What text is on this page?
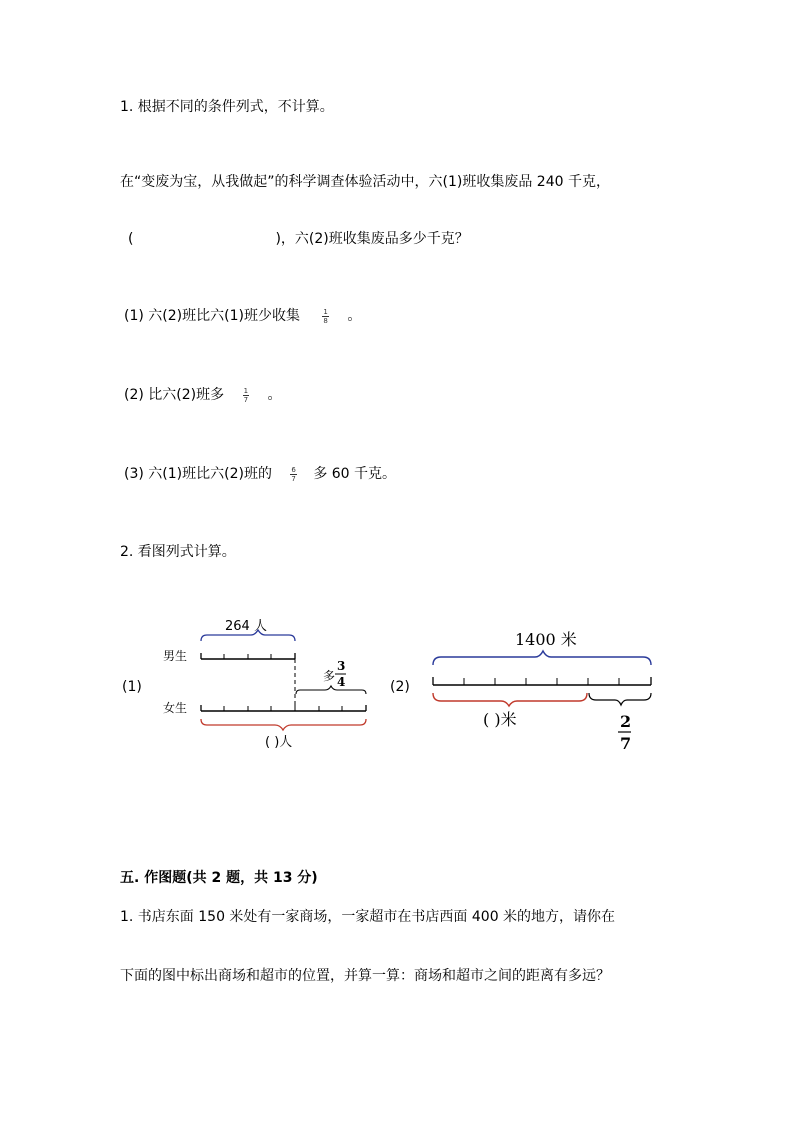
1. 根据不同的条件列式，不计算。
在“变废为宝，从我做起”的科学调查体验活动中，六(1)班收集废品 240 千克，
(	)，六(2)班收集废品多少千克？
(1) 六(2)班比六(1)班少收集	$\frac{1}{8}$ 。
(2) 比六(2)班多	$\frac{1}{7}$ 。
(3) 六(1)班比六(2)班的	$\frac{6}{7}$ 多 60 千克。
2. 看图列式计算。
264 人
男生
多
3
4
女生
( )人
(1)	(2)
1400 米
( )米	2
7
五. 作图题(共 2 题，共 13 分)
1. 书店东面 150 米处有一家商场，一家超市在书店西面 400 米的地方，请你在
下面的图中标出商场和超市的位置，并算一算：商场和超市之间的距离有多远？
